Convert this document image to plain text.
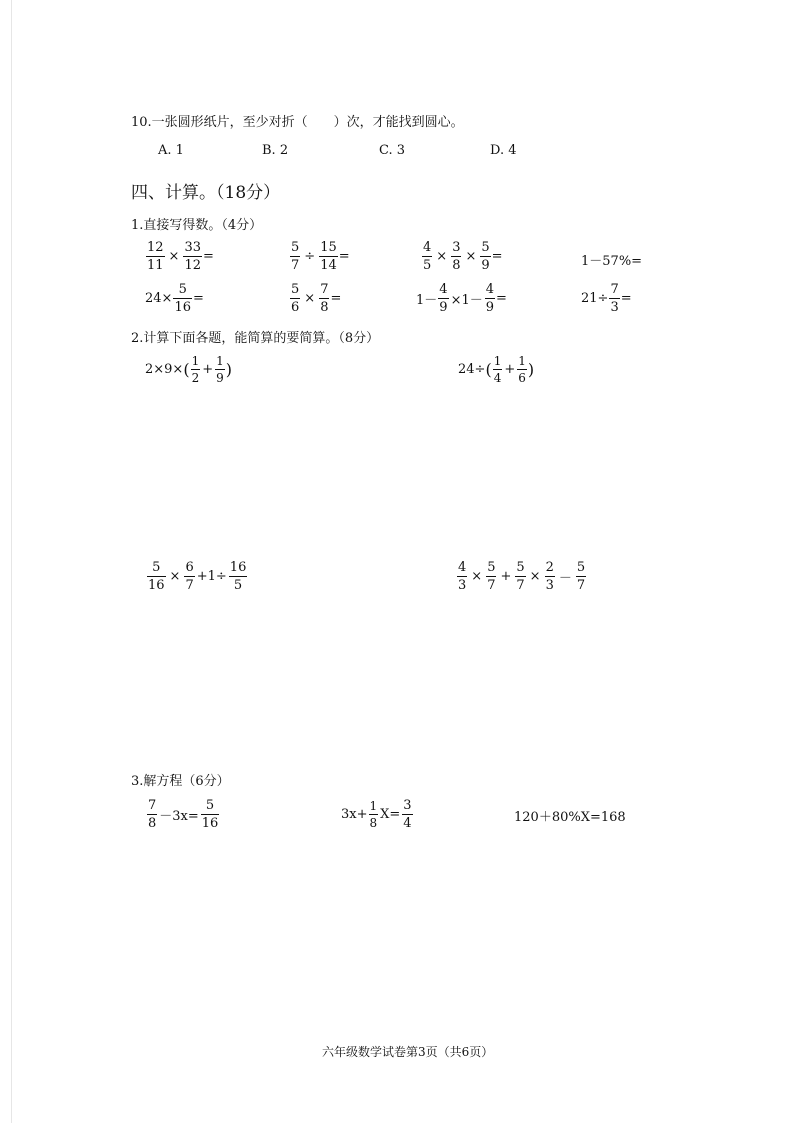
10.一张圆形纸片，至少对折（　　）次，才能找到圆心。
A. 1	B. 2	C. 3	D. 4
四、计算。（18分）
1.直接写得数。（4分）
$\frac{12}{11} \times \frac{33}{12}$ =	$\frac{5}{7} \div \frac{15}{14}$ =	$\frac{4}{5} \times \frac{3}{8} \times \frac{5}{9}$ =	1－57%=
$24\times \frac{5}{16}$ =	$\frac{5}{6} \times \frac{7}{8}$ =	$1- \frac{4}{9} \times 1- \frac{4}{9}$ =	$21\div \frac{7}{3}$ =
2.计算下面各题，能简算的要简算。（8分）
2×9× ( $\frac{1}{2} + \frac{1}{9}$ )	24÷ ( $\frac{1}{4} + \frac{1}{6}$ )
$\frac{5}{16} \times \frac{6}{7} +1\div \frac{16}{5}$	$\frac{4}{3} \times \frac{5}{7} + \frac{5}{7} \times \frac{2}{3} - \frac{5}{7}$
3.解方程（6分）
$\frac{7}{8} -3x= \frac{5}{16}$	$3x+ \frac{1}{8} X= \frac{3}{4}$	120＋80%X=168
六年级数学试卷第3页（共6页）
